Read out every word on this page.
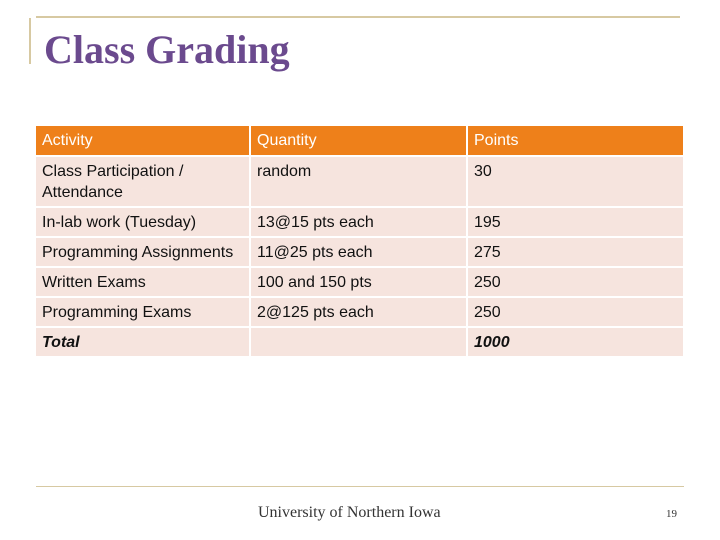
Class Grading
Activity	Quantity	Points
Class Participation / Attendance	random	30
In-lab work (Tuesday)	13@15 pts each	195
Programming Assignments	11@25 pts each	275
Written Exams	100 and 150 pts	250
Programming Exams	2@125 pts each	250
Total		1000
University of Northern Iowa	19
